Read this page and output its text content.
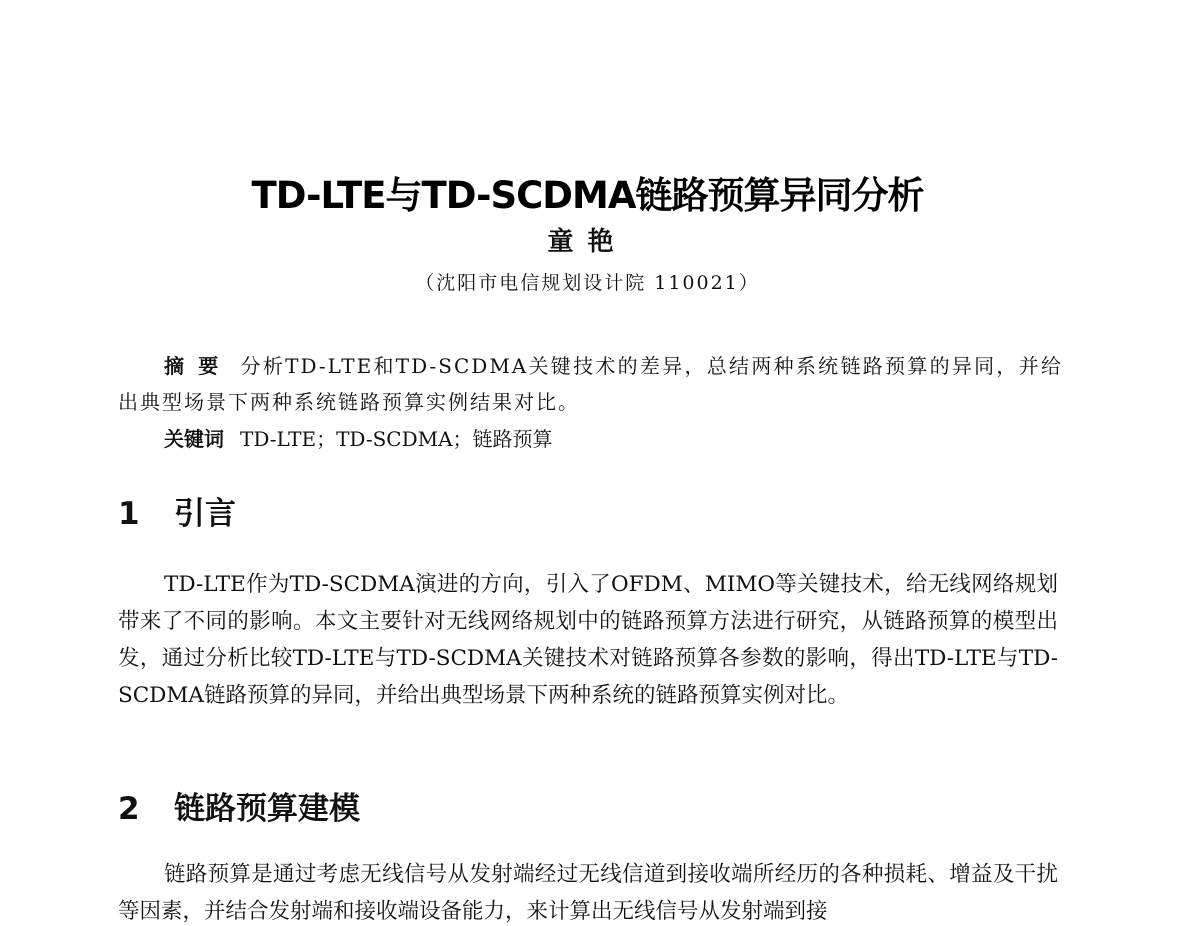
TD-LTE与TD-SCDMA链路预算异同分析
童艳
（沈阳市电信规划设计院 110021）

摘要 分析TD-LTE和TD-SCDMA关键技术的差异，总结两种系统链路预算的异同，并给出典型场景下两种系统链路预算实例结果对比。

关键词 TD-LTE；TD-SCDMA；链路预算

1 引言

TD-LTE作为TD-SCDMA演进的方向，引入了OFDM、MIMO等关键技术，给无线网络规划带来了不同的影响。本文主要针对无线网络规划中的链路预算方法进行研究，从链路预算的模型出发，通过分析比较TD-LTE与TD-SCDMA关键技术对链路预算各参数的影响，得出TD-LTE与TD-SCDMA链路预算的异同，并给出典型场景下两种系统的链路预算实例对比。

2 链路预算建模

链路预算是通过考虑无线信号从发射端经过无线信道到接收端所经历的各种损耗、增益及干扰等因素，并结合发射端和接收端设备能力，来计算出无线信号从发射端到接
